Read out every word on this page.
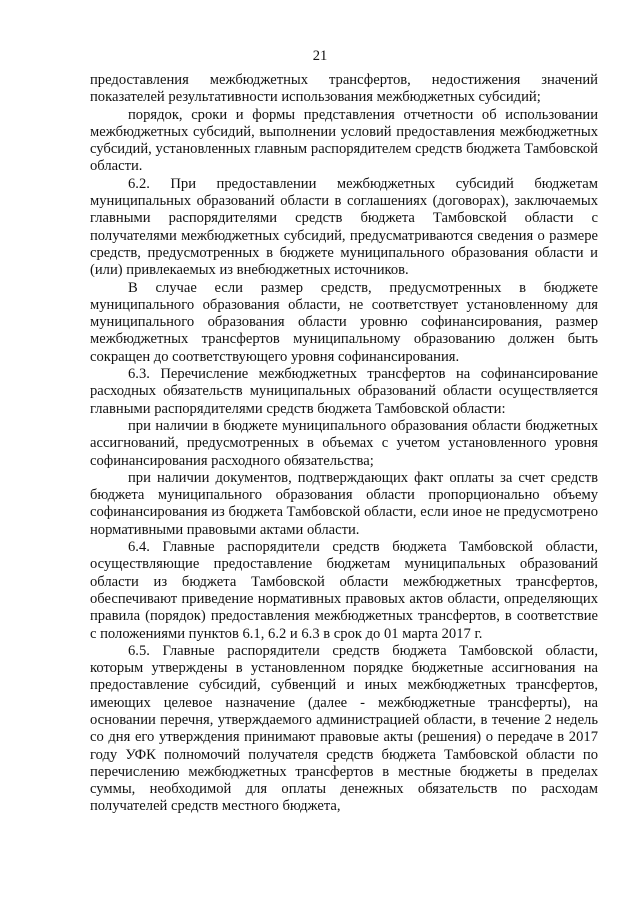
21

предоставления межбюджетных трансфертов, недостижения значений показателей результативности использования межбюджетных субсидий;

порядок, сроки и формы представления отчетности об использовании межбюджетных субсидий, выполнении условий предоставления межбюджетных субсидий, установленных главным распорядителем средств бюджета Тамбовской области.

6.2. При предоставлении межбюджетных субсидий бюджетам муниципальных образований области в соглашениях (договорах), заключаемых главными распорядителями средств бюджета Тамбовской области с получателями межбюджетных субсидий, предусматриваются сведения о размере средств, предусмотренных в бюджете муниципального образования области и (или) привлекаемых из внебюджетных источников.

В случае если размер средств, предусмотренных в бюджете муниципального образования области, не соответствует установленному для муниципального образования области уровню софинансирования, размер межбюджетных трансфертов муниципальному образованию должен быть сокращен до соответствующего уровня софинансирования.

6.3. Перечисление межбюджетных трансфертов на софинансирование расходных обязательств муниципальных образований области осуществляется главными распорядителями средств бюджета Тамбовской области:

при наличии в бюджете муниципального образования области бюджетных ассигнований, предусмотренных в объемах с учетом установленного уровня софинансирования расходного обязательства;

при наличии документов, подтверждающих факт оплаты за счет средств бюджета муниципального образования области пропорционально объему софинансирования из бюджета Тамбовской области, если иное не предусмотрено нормативными правовыми актами области.

6.4. Главные распорядители средств бюджета Тамбовской области, осуществляющие предоставление бюджетам муниципальных образований области из бюджета Тамбовской области межбюджетных трансфертов, обеспечивают приведение нормативных правовых актов области, определяющих правила (порядок) предоставления межбюджетных трансфертов, в соответствие с положениями пунктов 6.1, 6.2 и 6.3 в срок до 01 марта 2017 г.

6.5. Главные распорядители средств бюджета Тамбовской области, которым утверждены в установленном порядке бюджетные ассигнования на предоставление субсидий, субвенций и иных межбюджетных трансфертов, имеющих целевое назначение (далее - межбюджетные трансферты), на основании перечня, утверждаемого администрацией области, в течение 2 недель со дня его утверждения принимают правовые акты (решения) о передаче в 2017 году УФК полномочий получателя средств бюджета Тамбовской области по перечислению межбюджетных трансфертов в местные бюджеты в пределах суммы, необходимой для оплаты денежных обязательств по расходам получателей средств местного бюджета,
